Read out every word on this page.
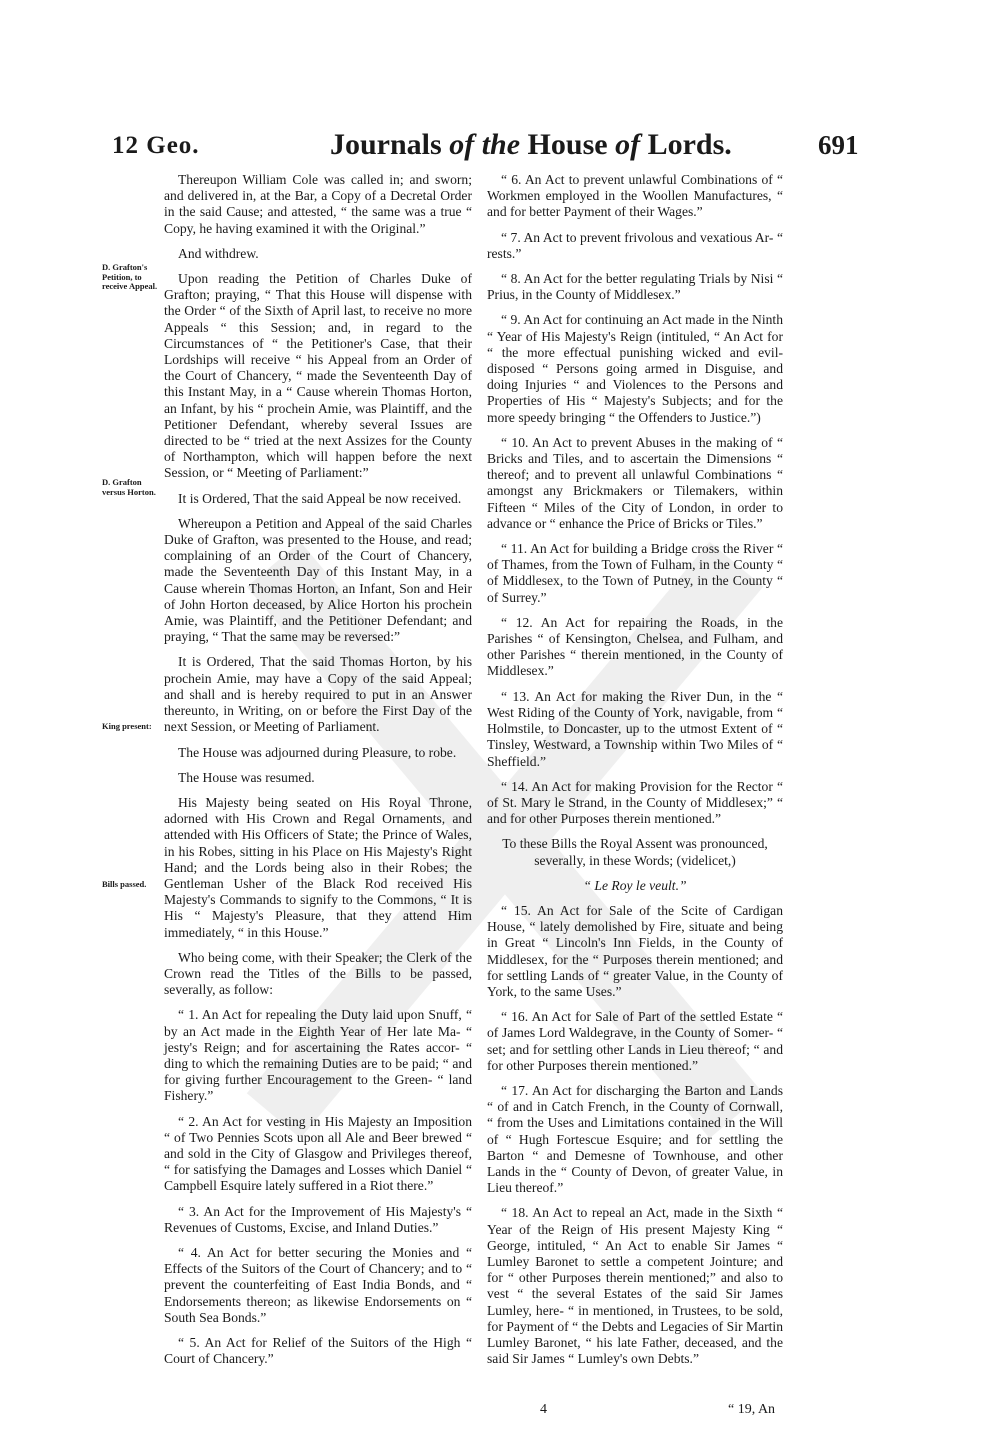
12 Geo.	Journals of the House of Lords.	691
D. Grafton's Petition, to receive Appeal.
D. Grafton versus Horton.
King present:
Bills passed.

Thereupon William Cole was called in; and sworn; and delivered in, at the Bar, a Copy of a Decretal Order in the said Cause; and attested, “ the same was a true “ Copy, he having examined it with the Original.”

And withdrew.

Upon reading the Petition of Charles Duke of Grafton; praying, “ That this House will dispense with the Order “ of the Sixth of April last, to receive no more Appeals “ this Session; and, in regard to the Circumstances of “ the Petitioner's Case, that their Lordships will receive “ his Appeal from an Order of the Court of Chancery, “ made the Seventeenth Day of this Instant May, in a “ Cause wherein Thomas Horton, an Infant, by his “ prochein Amie, was Plaintiff, and the Petitioner Defendant, whereby several Issues are directed to be “ tried at the next Assizes for the County of Northampton, which will happen before the next Session, or “ Meeting of Parliament:”

It is Ordered, That the said Appeal be now received.

Whereupon a Petition and Appeal of the said Charles Duke of Grafton, was presented to the House, and read; complaining of an Order of the Court of Chancery, made the Seventeenth Day of this Instant May, in a Cause wherein Thomas Horton, an Infant, Son and Heir of John Horton deceased, by Alice Horton his prochein Amie, was Plaintiff, and the Petitioner Defendant; and praying, “ That the same may be reversed:”

It is Ordered, That the said Thomas Horton, by his prochein Amie, may have a Copy of the said Appeal; and shall and is hereby required to put in an Answer thereunto, in Writing, on or before the First Day of the next Session, or Meeting of Parliament.

The House was adjourned during Pleasure, to robe.

The House was resumed.

His Majesty being seated on His Royal Throne, adorned with His Crown and Regal Ornaments, and attended with His Officers of State; the Prince of Wales, in his Robes, sitting in his Place on His Majesty's Right Hand; and the Lords being also in their Robes; the Gentleman Usher of the Black Rod received His Majesty's Commands to signify to the Commons, “ It is His “ Majesty's Pleasure, that they attend Him immediately, “ in this House.”

Who being come, with their Speaker; the Clerk of the Crown read the Titles of the Bills to be passed, severally, as follow:

“ 1. An Act for repealing the Duty laid upon Snuff, “ by an Act made in the Eighth Year of Her late Ma- “ jesty's Reign; and for ascertaining the Rates accor- “ ding to which the remaining Duties are to be paid; “ and for giving further Encouragement to the Green- “ land Fishery.”

“ 2. An Act for vesting in His Majesty an Imposition “ of Two Pennies Scots upon all Ale and Beer brewed “ and sold in the City of Glasgow and Privileges thereof, “ for satisfying the Damages and Losses which Daniel “ Campbell Esquire lately suffered in a Riot there.”

“ 3. An Act for the Improvement of His Majesty's “ Revenues of Customs, Excise, and Inland Duties.”

“ 4. An Act for better securing the Monies and “ Effects of the Suitors of the Court of Chancery; and to “ prevent the counterfeiting of East India Bonds, and “ Endorsements thereon; as likewise Endorsements on “ South Sea Bonds.”

“ 5. An Act for Relief of the Suitors of the High “ Court of Chancery.”

“ 6. An Act to prevent unlawful Combinations of “ Workmen employed in the Woollen Manufactures, “ and for better Payment of their Wages.”

“ 7. An Act to prevent frivolous and vexatious Ar- “ rests.”

“ 8. An Act for the better regulating Trials by Nisi “ Prius, in the County of Middlesex.”

“ 9. An Act for continuing an Act made in the Ninth “ Year of His Majesty's Reign (intituled, “ An Act for “ the more effectual punishing wicked and evil-disposed “ Persons going armed in Disguise, and doing Injuries “ and Violences to the Persons and Properties of His “ Majesty's Subjects; and for the more speedy bringing “ the Offenders to Justice.”)

“ 10. An Act to prevent Abuses in the making of “ Bricks and Tiles, and to ascertain the Dimensions “ thereof; and to prevent all unlawful Combinations “ amongst any Brickmakers or Tilemakers, within Fifteen “ Miles of the City of London, in order to advance or “ enhance the Price of Bricks or Tiles.”

“ 11. An Act for building a Bridge cross the River “ of Thames, from the Town of Fulham, in the County “ of Middlesex, to the Town of Putney, in the County “ of Surrey.”

“ 12. An Act for repairing the Roads, in the Parishes “ of Kensington, Chelsea, and Fulham, and other Parishes “ therein mentioned, in the County of Middlesex.”

“ 13. An Act for making the River Dun, in the “ West Riding of the County of York, navigable, from “ Holmstile, to Doncaster, up to the utmost Extent of “ Tinsley, Westward, a Township within Two Miles of “ Sheffield.”

“ 14. An Act for making Provision for the Rector “ of St. Mary le Strand, in the County of Middlesex;” “ and for other Purposes therein mentioned.”

To these Bills the Royal Assent was pronounced, severally, in these Words; (videlicet,)

“ Le Roy le veult.”

“ 15. An Act for Sale of the Scite of Cardigan House, “ lately demolished by Fire, situate and being in Great “ Lincoln's Inn Fields, in the County of Middlesex, for the “ Purposes therein mentioned; and for settling Lands of “ greater Value, in the County of York, to the same Uses.”

“ 16. An Act for Sale of Part of the settled Estate “ of James Lord Waldegrave, in the County of Somer- “ set; and for settling other Lands in Lieu thereof; “ and for other Purposes therein mentioned.”

“ 17. An Act for discharging the Barton and Lands “ of and in Catch French, in the County of Cornwall, “ from the Uses and Limitations contained in the Will of “ Hugh Fortescue Esquire; and for settling the Barton “ and Demesne of Townhouse, and other Lands in the “ County of Devon, of greater Value, in Lieu thereof.”

“ 18. An Act to repeal an Act, made in the Sixth “ Year of the Reign of His present Majesty King “ George, intituled, “ An Act to enable Sir James “ Lumley Baronet to settle a competent Jointure; and for “ other Purposes therein mentioned;” and also to vest “ the several Estates of the said Sir James Lumley, here- “ in mentioned, in Trustees, to be sold, for Payment of “ the Debts and Legacies of Sir Martin Lumley Baronet, “ his late Father, deceased, and the said Sir James “ Lumley's own Debts.”

4	“ 19, An
